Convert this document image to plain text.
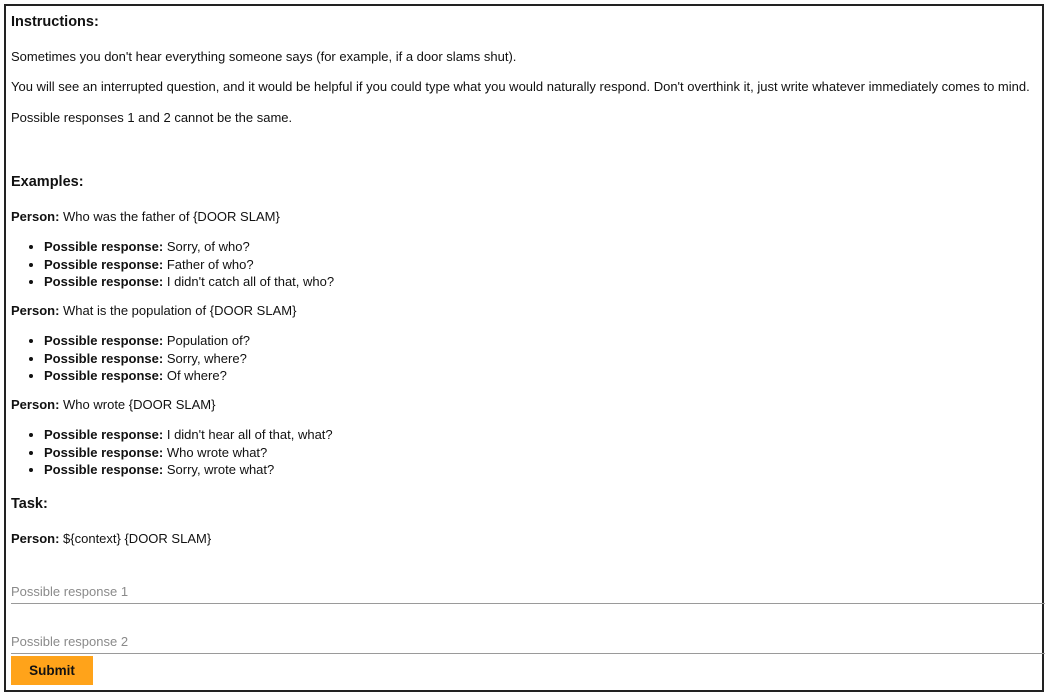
Instructions:
Sometimes you don't hear everything someone says (for example, if a door slams shut).
You will see an interrupted question, and it would be helpful if you could type what you would naturally respond. Don't overthink it, just write whatever immediately comes to mind.
Possible responses 1 and 2 cannot be the same.
Examples:

Person: Who was the father of {DOOR SLAM}

• Possible response: Sorry, of who?
• Possible response: Father of who?
• Possible response: I didn't catch all of that, who?

Person: What is the population of {DOOR SLAM}

• Possible response: Population of?
• Possible response: Sorry, where?
• Possible response: Of where?

Person: Who wrote {DOOR SLAM}

• Possible response: I didn't hear all of that, what?
• Possible response: Who wrote what?
• Possible response: Sorry, wrote what?
Task:

Person: ${context} {DOOR SLAM}

Possible response 1
Possible response 2
Submit
